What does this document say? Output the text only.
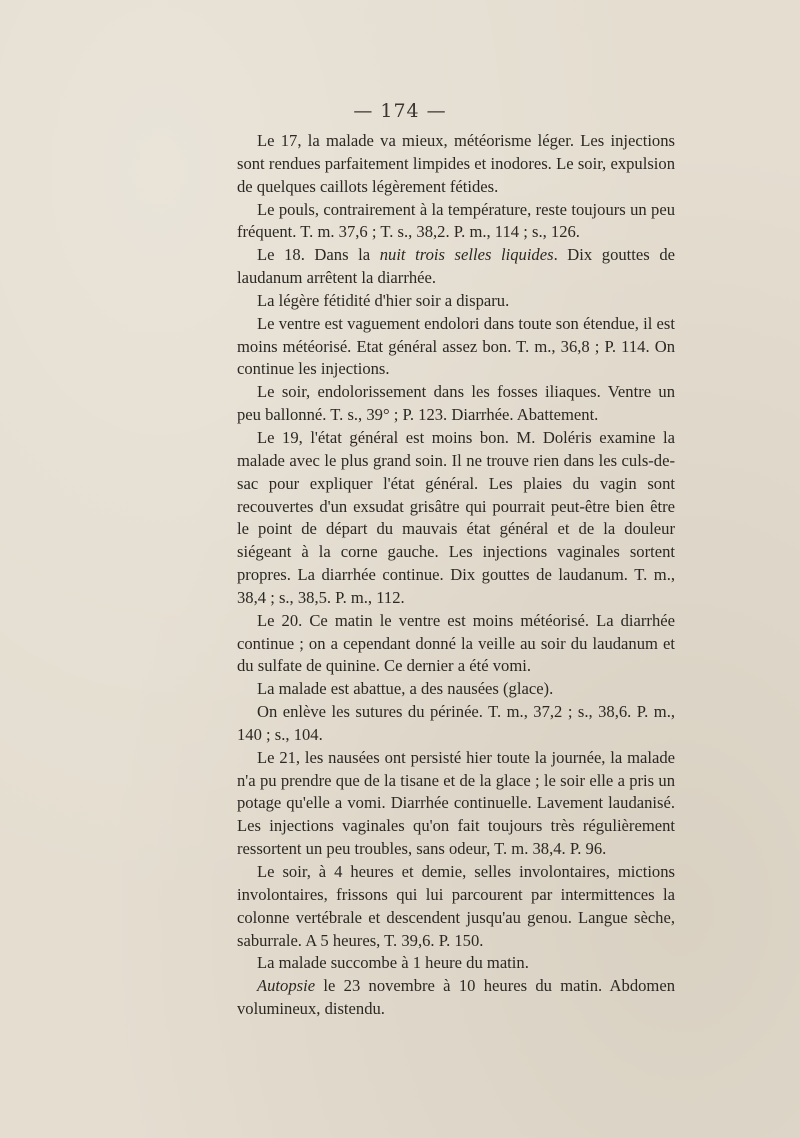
— 174 —

Le 17, la malade va mieux, météorisme léger. Les injections sont rendues parfaitement limpides et inodores. Le soir, expulsion de quelques caillots légèrement fétides.

Le pouls, contrairement à la température, reste toujours un peu fréquent. T. m. 37,6 ; T. s., 38,2. P. m., 114 ; s., 126.

Le 18. Dans la nuit trois selles liquides. Dix gouttes de laudanum arrêtent la diarrhée.

La légère fétidité d'hier soir a disparu.

Le ventre est vaguement endolori dans toute son étendue, il est moins météorisé. Etat général assez bon. T. m., 36,8 ; P. 114. On continue les injections.

Le soir, endolorissement dans les fosses iliaques. Ventre un peu ballonné. T. s., 39° ; P. 123. Diarrhée. Abattement.

Le 19, l'état général est moins bon. M. Doléris examine la malade avec le plus grand soin. Il ne trouve rien dans les culs-de-sac pour expliquer l'état général. Les plaies du vagin sont recouvertes d'un exsudat grisâtre qui pourrait peut-être bien être le point de départ du mauvais état général et de la douleur siégeant à la corne gauche. Les injections vaginales sortent propres. La diarrhée continue. Dix gouttes de laudanum. T. m., 38,4 ; s., 38,5. P. m., 112.

Le 20. Ce matin le ventre est moins météorisé. La diarrhée continue ; on a cependant donné la veille au soir du laudanum et du sulfate de quinine. Ce dernier a été vomi.

La malade est abattue, a des nausées (glace).

On enlève les sutures du périnée. T. m., 37,2 ; s., 38,6. P. m., 140 ; s., 104.

Le 21, les nausées ont persisté hier toute la journée, la malade n'a pu prendre que de la tisane et de la glace ; le soir elle a pris un potage qu'elle a vomi. Diarrhée continuelle. Lavement laudanisé. Les injections vaginales qu'on fait toujours très régulièrement ressortent un peu troubles, sans odeur, T. m. 38,4. P. 96.

Le soir, à 4 heures et demie, selles involontaires, mictions involontaires, frissons qui lui parcourent par intermittences la colonne vertébrale et descendent jusqu'au genou. Langue sèche, saburrale. A 5 heures, T. 39,6. P. 150.

La malade succombe à 1 heure du matin.

Autopsie le 23 novembre à 10 heures du matin. Abdomen volumineux, distendu.
